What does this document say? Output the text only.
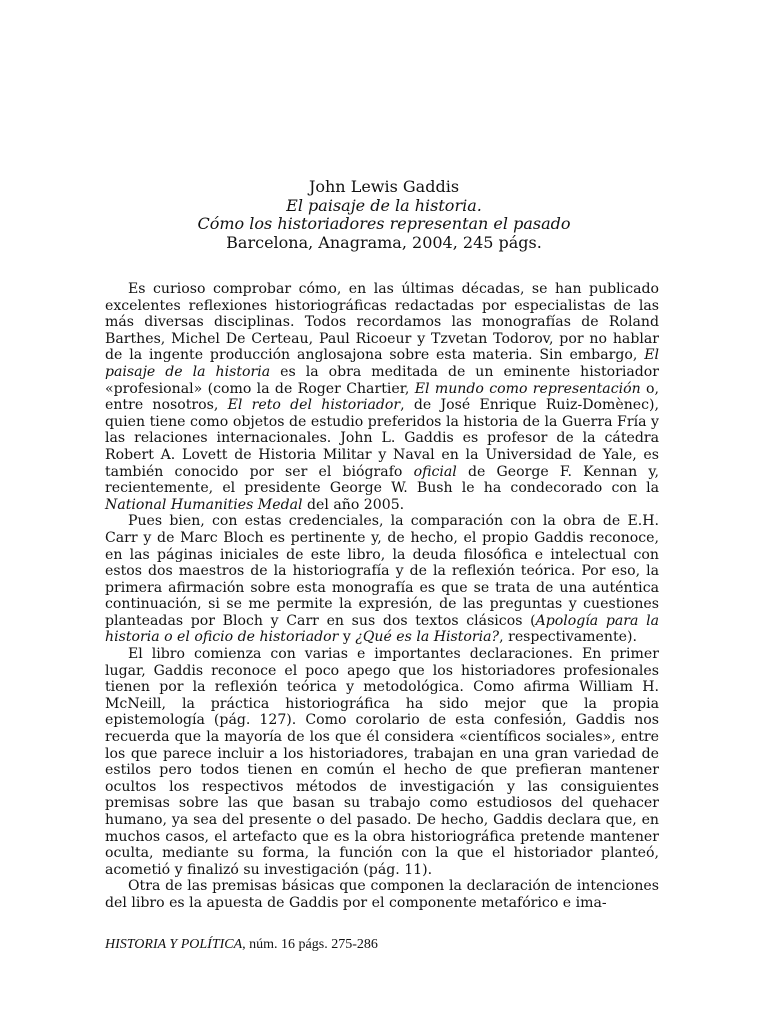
John Lewis Gaddis
El paisaje de la historia.
Cómo los historiadores representan el pasado
Barcelona, Anagrama, 2004, 245 págs.

Es curioso comprobar cómo, en las últimas décadas, se han publicado excelentes reflexiones historiográficas redactadas por especialistas de las más diversas disciplinas. Todos recordamos las monografías de Roland Barthes, Michel De Certeau, Paul Ricoeur y Tzvetan Todorov, por no hablar de la ingente producción anglosajona sobre esta materia. Sin embargo, El paisaje de la historia es la obra meditada de un eminente historiador «profesional» (como la de Roger Chartier, El mundo como representación o, entre nosotros, El reto del historiador, de José Enrique Ruiz-Domènec), quien tiene como objetos de estudio preferidos la historia de la Guerra Fría y las relaciones internacionales. John L. Gaddis es profesor de la cátedra Robert A. Lovett de Historia Militar y Naval en la Universidad de Yale, es también conocido por ser el biógrafo oficial de George F. Kennan y, recientemente, el presidente George W. Bush le ha condecorado con la National Humanities Medal del año 2005.

Pues bien, con estas credenciales, la comparación con la obra de E.H. Carr y de Marc Bloch es pertinente y, de hecho, el propio Gaddis reconoce, en las páginas iniciales de este libro, la deuda filosófica e intelectual con estos dos maestros de la historiografía y de la reflexión teórica. Por eso, la primera afirmación sobre esta monografía es que se trata de una auténtica continuación, si se me permite la expresión, de las preguntas y cuestiones planteadas por Bloch y Carr en sus dos textos clásicos (Apología para la historia o el oficio de historiador y ¿Qué es la Historia?, respectivamente).

El libro comienza con varias e importantes declaraciones. En primer lugar, Gaddis reconoce el poco apego que los historiadores profesionales tienen por la reflexión teórica y metodológica. Como afirma William H. McNeill, la práctica historiográfica ha sido mejor que la propia epistemología (pág. 127). Como corolario de esta confesión, Gaddis nos recuerda que la mayoría de los que él considera «científicos sociales», entre los que parece incluir a los historiadores, trabajan en una gran variedad de estilos pero todos tienen en común el hecho de que prefieran mantener ocultos los respectivos métodos de investigación y las consiguientes premisas sobre las que basan su trabajo como estudiosos del quehacer humano, ya sea del presente o del pasado. De hecho, Gaddis declara que, en muchos casos, el artefacto que es la obra historiográfica pretende mantener oculta, mediante su forma, la función con la que el historiador planteó, acometió y finalizó su investigación (pág. 11).

Otra de las premisas básicas que componen la declaración de intenciones del libro es la apuesta de Gaddis por el componente metafórico e ima-

HISTORIA Y POLÍTICA, núm. 16 págs. 275-286
